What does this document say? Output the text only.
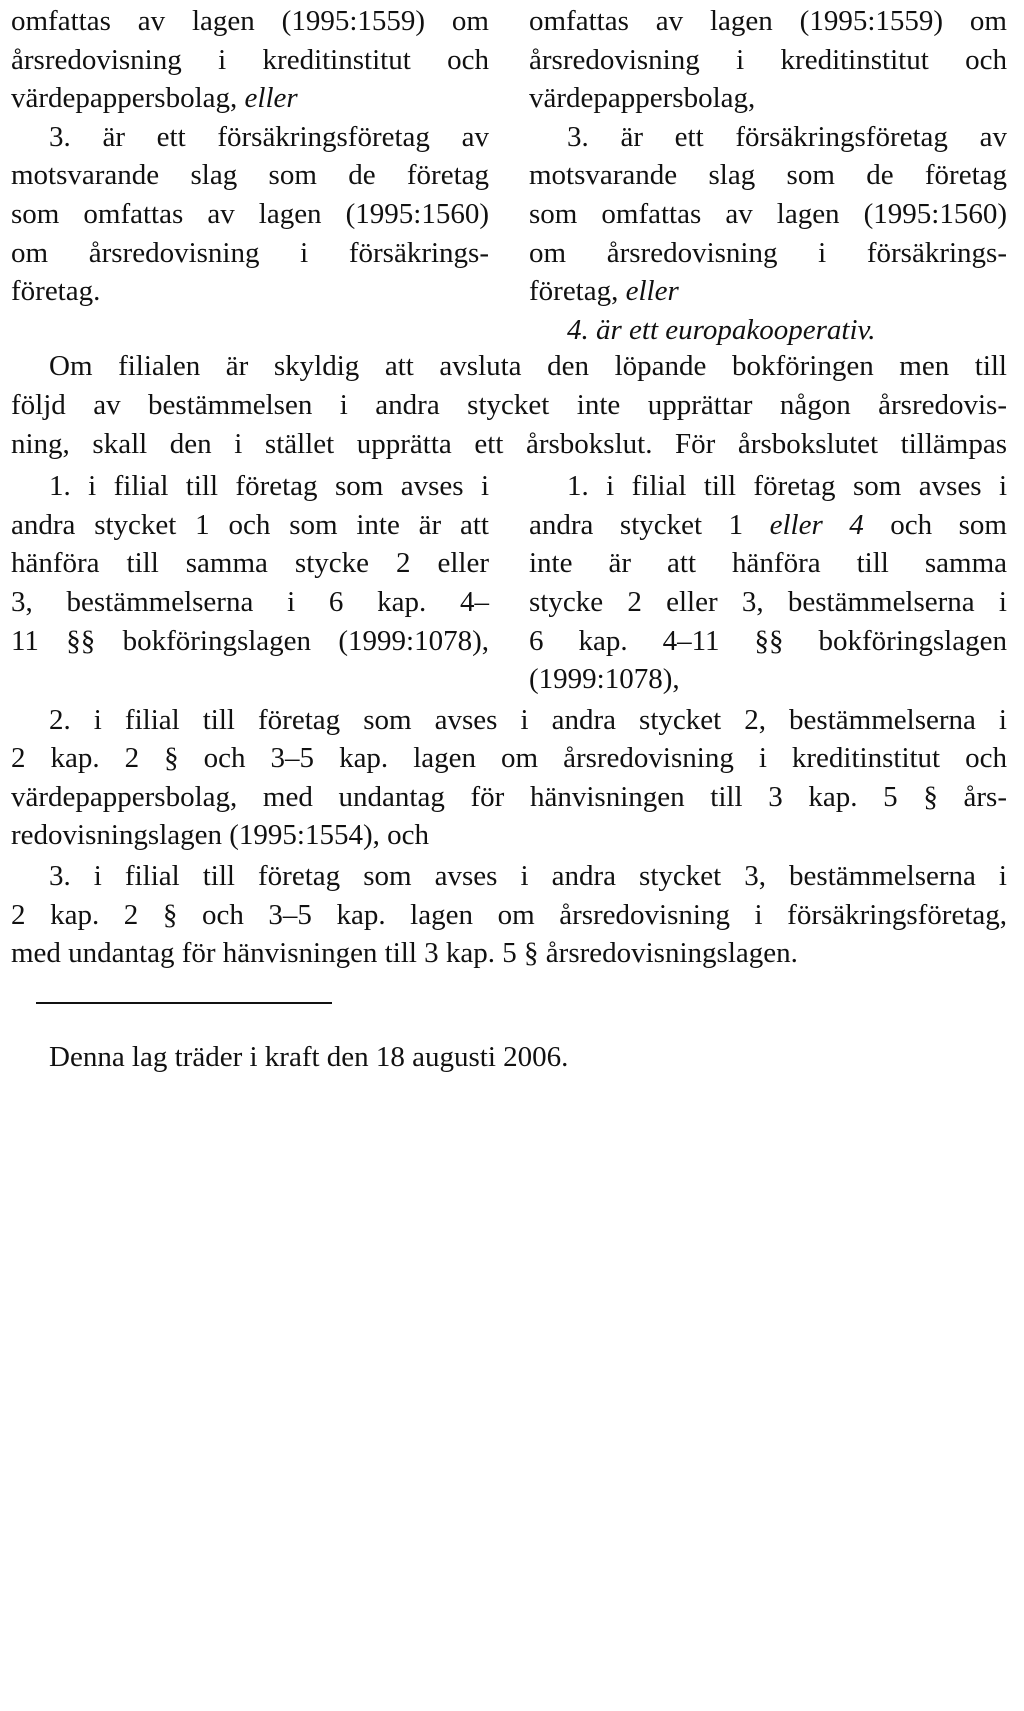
omfattas av lagen (1995:1559) om
årsredovisning i kreditinstitut och
värdepappersbolag, eller
3. är ett försäkringsföretag av
motsvarande slag som de företag
som omfattas av lagen (1995:1560)
om årsredovisning i försäkrings-
företag.
omfattas av lagen (1995:1559) om
årsredovisning i kreditinstitut och
värdepappersbolag,
3. är ett försäkringsföretag av
motsvarande slag som de företag
som omfattas av lagen (1995:1560)
om årsredovisning i försäkrings-
företag, eller
4. är ett europakooperativ.
Om filialen är skyldig att avsluta den löpande bokföringen men till
följd av bestämmelsen i andra stycket inte upprättar någon årsredovis-
ning, skall den i stället upprätta ett årsbokslut. För årsbokslutet tillämpas
1. i filial till företag som avses i
andra stycket 1 och som inte är att
hänföra till samma stycke 2 eller
3, bestämmelserna i 6 kap. 4–
11 §§ bokföringslagen (1999:1078),
1. i filial till företag som avses i
andra stycket 1 eller 4 och som
inte är att hänföra till samma
stycke 2 eller 3, bestämmelserna i
6 kap. 4–11 §§ bokföringslagen
(1999:1078),
2. i filial till företag som avses i andra stycket 2, bestämmelserna i
2 kap. 2 § och 3–5 kap. lagen om årsredovisning i kreditinstitut och
värdepappersbolag, med undantag för hänvisningen till 3 kap. 5 § års-
redovisningslagen (1995:1554), och
3. i filial till företag som avses i andra stycket 3, bestämmelserna i
2 kap. 2 § och 3–5 kap. lagen om årsredovisning i försäkringsföretag,
med undantag för hänvisningen till 3 kap. 5 § årsredovisningslagen.
Denna lag träder i kraft den 18 augusti 2006.
